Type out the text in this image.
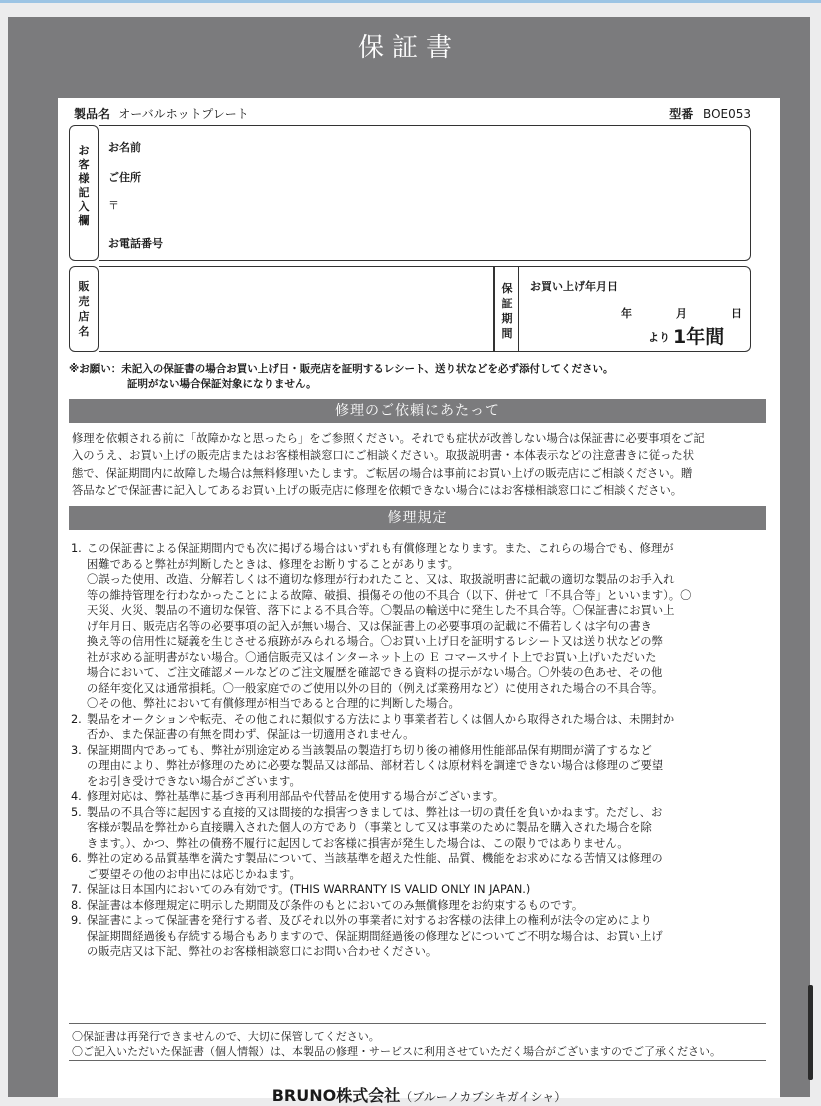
保証書
製品名 オーバルホットプレート	型番 BOE053
お
客
様
記
入
欄
お名前
ご住所
〒
お電話番号
販
売
店
名
保
証
期
間
お買い上げ年月日
年	月	日
より 1年間
※お願い：未記入の保証書の場合お買い上げ日・販売店を証明するレシート、送り状などを必ず添付してください。
証明がない場合保証対象になりません。
修理のご依頼にあたって
修理を依頼される前に「故障かなと思ったら」をご参照ください。それでも症状が改善しない場合は保証書に必要事項をご記
入のうえ、お買い上げの販売店またはお客様相談窓口にご相談ください。取扱説明書・本体表示などの注意書きに従った状
態で、保証期間内に故障した場合は無料修理いたします。ご転居の場合は事前にお買い上げの販売店にご相談ください。贈
答品などで保証書に記入してあるお買い上げの販売店に修理を依頼できない場合にはお客様相談窓口にご相談ください。
修理規定
1. この保証書による保証期間内でも次に掲げる場合はいずれも有償修理となります。また、これらの場合でも、修理が
困難であると弊社が判断したときは、修理をお断りすることがあります。
〇誤った使用、改造、分解若しくは不適切な修理が行われたこと、又は、取扱説明書に記載の適切な製品のお手入れ
等の維持管理を行わなかったことによる故障、破損、損傷その他の不具合（以下、併せて「不具合等」といいます）。〇
天災、火災、製品の不適切な保管、落下による不具合等。〇製品の輸送中に発生した不具合等。〇保証書にお買い上
げ年月日、販売店名等の必要事項の記入が無い場合、又は保証書上の必要事項の記載に不備若しくは字句の書き
換え等の信用性に疑義を生じさせる痕跡がみられる場合。〇お買い上げ日を証明するレシート又は送り状などの弊
社が求める証明書がない場合。〇通信販売又はインターネット上の Ｅ コマースサイト上でお買い上げいただいた
場合において、ご注文確認メールなどのご注文履歴を確認できる資料の提示がない場合。〇外装の色あせ、その他
の経年変化又は通常損耗。〇一般家庭でのご使用以外の目的（例えば業務用など）に使用された場合の不具合等。
〇その他、弊社において有償修理が相当であると合理的に判断した場合。
2. 製品をオークションや転売、その他これに類似する方法により事業者若しくは個人から取得された場合は、未開封か
否か、また保証書の有無を問わず、保証は一切適用されません。
3. 保証期間内であっても、弊社が別途定める当該製品の製造打ち切り後の補修用性能部品保有期間が満了するなど
の理由により、弊社が修理のために必要な製品又は部品、部材若しくは原材料を調達できない場合は修理のご要望
をお引き受けできない場合がございます。
4. 修理対応は、弊社基準に基づき再利用部品や代替品を使用する場合がございます。
5. 製品の不具合等に起因する直接的又は間接的な損害つきましては、弊社は一切の責任を負いかねます。ただし、お
客様が製品を弊社から直接購入された個人の方であり（事業として又は事業のために製品を購入された場合を除
きます。）、かつ、弊社の債務不履行に起因してお客様に損害が発生した場合は、この限りではありません。
6. 弊社の定める品質基準を満たす製品について、当該基準を超えた性能、品質、機能をお求めになる苦情又は修理の
ご要望その他のお申出には応じかねます。
7. 保証は日本国内においてのみ有効です。(THIS WARRANTY IS VALID ONLY IN JAPAN.)
8. 保証書は本修理規定に明示した期間及び条件のもとにおいてのみ無償修理をお約束するものです。
9. 保証書によって保証書を発行する者、及びそれ以外の事業者に対するお客様の法律上の権利が法令の定めにより
保証期間経過後も存続する場合もありますので、保証期間経過後の修理などについてご不明な場合は、お買い上げ
の販売店又は下記、弊社のお客様相談窓口にお問い合わせください。
〇保証書は再発行できませんので、大切に保管してください。
〇ご記入いただいた保証書（個人情報）は、本製品の修理・サービスに利用させていただく場合がございますのでご了承ください。
BRUNO株式会社（ブルーノカブシキガイシャ）
